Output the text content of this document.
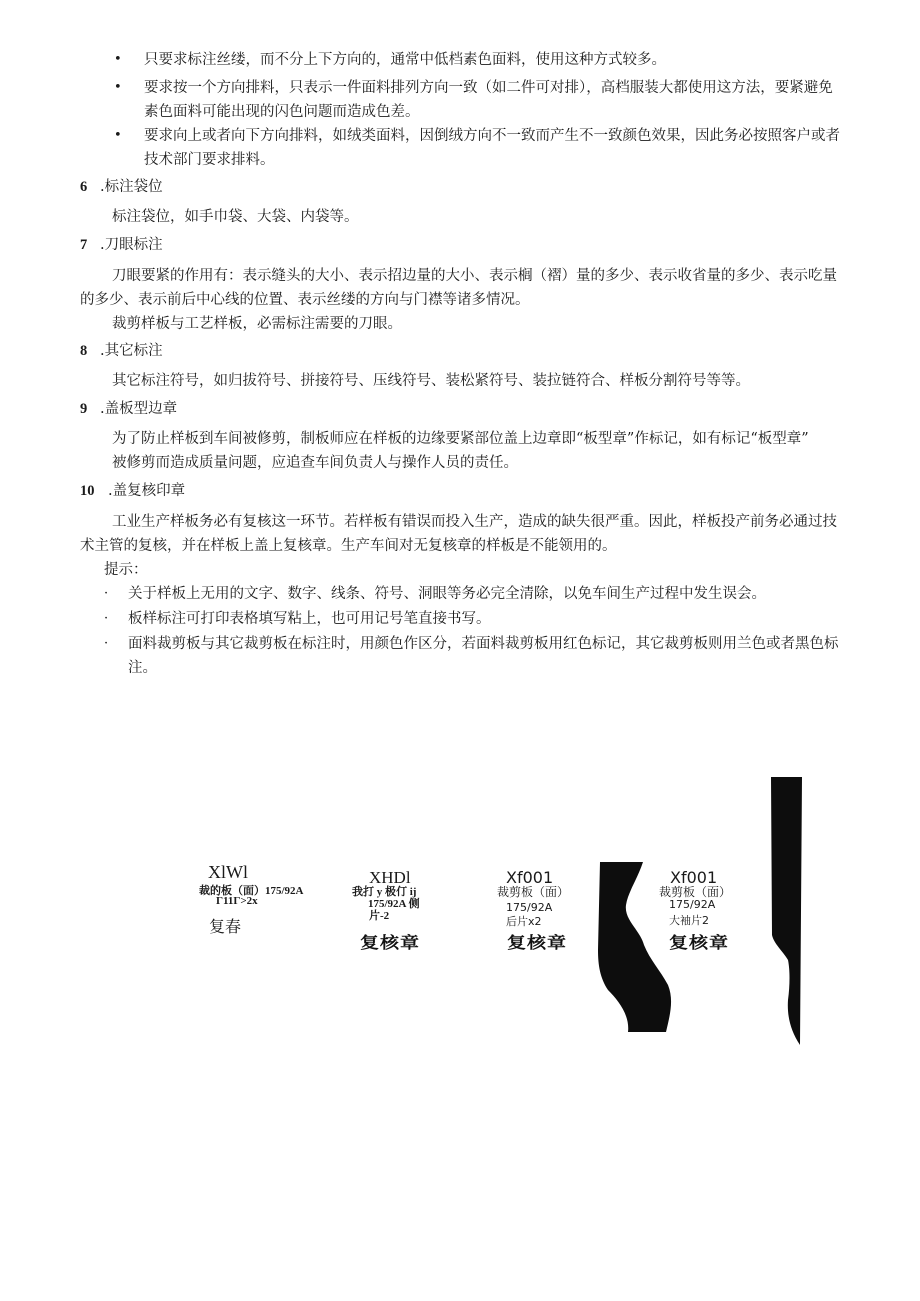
• 只要求标注丝缕，而不分上下方向的，通常中低档素色面料，使用这种方式较多。
• 要求按一个方向排料，只表示一件面料排列方向一致（如二件可对排），高档服装大都使用这方法，要紧避免
素色面料可能出现的闪色问题而造成色差。
• 要求向上或者向下方向排料，如绒类面料，因倒绒方向不一致而产生不一致颜色效果，因此务必按照客户或者
技术部门要求排料。
6 .标注袋位
标注袋位，如手巾袋、大袋、内袋等。
7 .刀眼标注
刀眼要紧的作用有：表示缝头的大小、表示招边量的大小、表示榈（褶）量的多少、表示收省量的多少、表示吃量
的多少、表示前后中心线的位置、表示丝缕的方向与门襟等诸多情况。
裁剪样板与工艺样板，必需标注需要的刀眼。
8 .其它标注
其它标注符号，如归拔符号、拼接符号、压线符号、装松紧符号、装拉链符合、样板分割符号等等。
9 .盖板型边章
为了防止样板到车间被修剪，制板师应在样板的边缘要紧部位盖上边章即“板型章”作标记，如有标记“板型章”
被修剪而造成质量问题，应追查车间负责人与操作人员的责任。
10 .盖复核印章
工业生产样板务必有复核这一环节。若样板有错误而投入生产，造成的缺失很严重。因此，样板投产前务必通过技
术主管的复核，并在样板上盖上复核章。生产车间对无复核章的样板是不能领用的。
提示：
· 关于样板上无用的文字、数字、线条、符号、洞眼等务必完全清除，以免车间生产过程中发生误会。
· 板样标注可打印表格填写粘上，也可用记号笔直接书写。
· 面料裁剪板与其它裁剪板在标注时，用颜色作区分，若面料裁剪板用红色标记，其它裁剪板则用兰色或者黑色标
注。
XlWl
裁的板（面）175/92A
Γ11Γ>2x
复春
XHDl
我打 y 极仃 ij
175/92A 侧
片-2
复核章
Xf001
裁剪板（面）
175/92A
后片x2
复核章
Xf001
裁剪板（面）
175/92A
大袖片2
复核章
